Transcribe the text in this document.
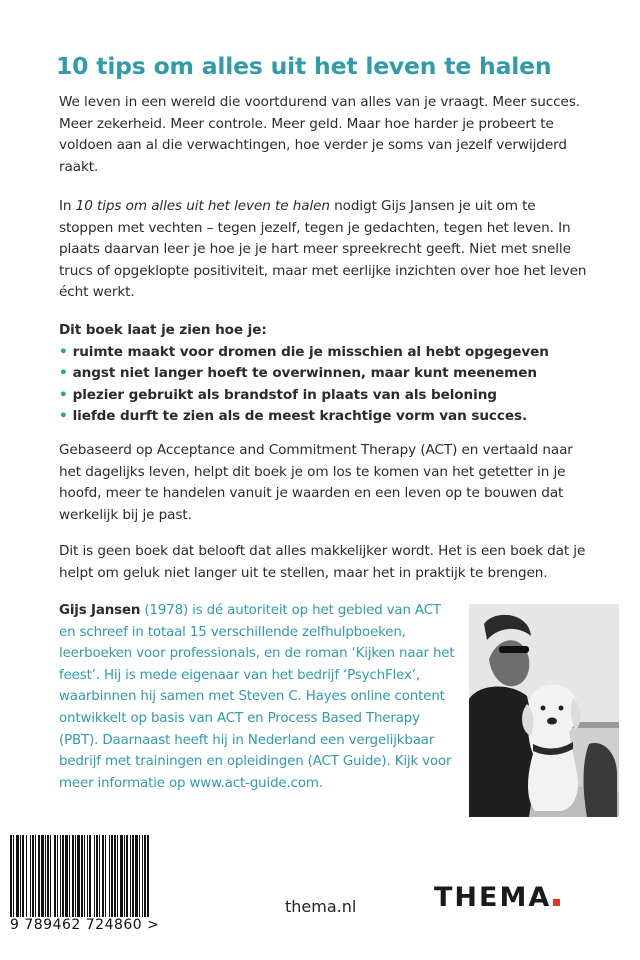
10 tips om alles uit het leven te halen

We leven in een wereld die voortdurend van alles van je vraagt. Meer succes. Meer zekerheid. Meer controle. Meer geld. Maar hoe harder je probeert te voldoen aan al die verwachtingen, hoe verder je soms van jezelf verwijderd raakt.

In 10 tips om alles uit het leven te halen nodigt Gijs Jansen je uit om te stoppen met vechten – tegen jezelf, tegen je gedachten, tegen het leven. In plaats daarvan leer je hoe je je hart meer spreekrecht geeft. Niet met snelle trucs of opgeklopte positiviteit, maar met eerlijke inzichten over hoe het leven écht werkt.

Dit boek laat je zien hoe je:
• ruimte maakt voor dromen die je misschien al hebt opgegeven
• angst niet langer hoeft te overwinnen, maar kunt meenemen
• plezier gebruikt als brandstof in plaats van als beloning
• liefde durft te zien als de meest krachtige vorm van succes.

Gebaseerd op Acceptance and Commitment Therapy (ACT) en vertaald naar het dagelijks leven, helpt dit boek je om los te komen van het getetter in je hoofd, meer te handelen vanuit je waarden en een leven op te bouwen dat werkelijk bij je past.

Dit is geen boek dat belooft dat alles makkelijker wordt. Het is een boek dat je helpt om geluk niet langer uit te stellen, maar het in praktijk te brengen.

Gijs Jansen (1978) is dé autoriteit op het gebied van ACT en schreef in totaal 15 verschillende zelfhulpboeken, leerboeken voor professionals, en de roman ‘Kijken naar het feest’. Hij is mede eigenaar van het bedrijf ‘PsychFlex’, waarbinnen hij samen met Steven C. Hayes online content ontwikkelt op basis van ACT en Process Based Therapy (PBT). Daarnaast heeft hij in Nederland een vergelijkbaar bedrijf met trainingen en opleidingen (ACT Guide). Kijk voor meer informatie op www.act-guide.com.

9 789462 724860 >
thema.nl	THEMA
